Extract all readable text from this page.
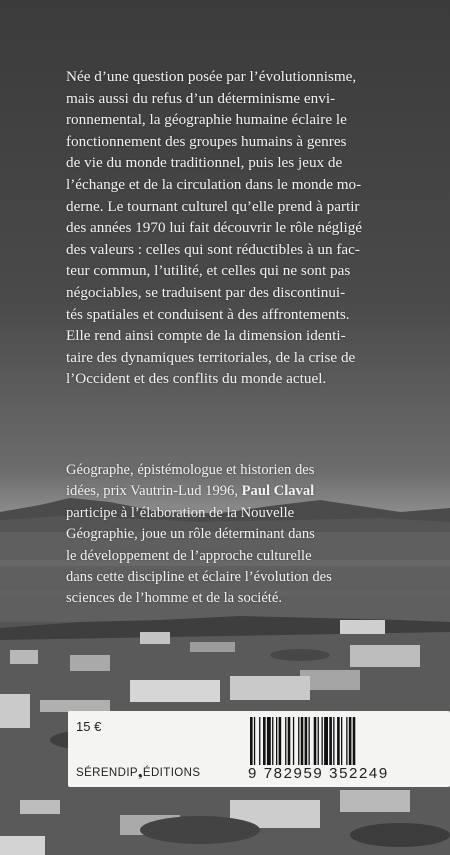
Née d’une question posée par l’évolutionnisme,
mais aussi du refus d’un déterminisme envi-
ronnemental, la géographie humaine éclaire le
fonctionnement des groupes humains à genres
de vie du monde traditionnel, puis les jeux de
l’échange et de la circulation dans le monde mo-
derne. Le tournant culturel qu’elle prend à partir
des années 1970 lui fait découvrir le rôle négligé
des valeurs : celles qui sont réductibles à un fac-
teur commun, l’utilité, et celles qui ne sont pas
négociables, se traduisent par des discontinui-
tés spatiales et conduisent à des affrontements.
Elle rend ainsi compte de la dimension identi-
taire des dynamiques territoriales, de la crise de
l’Occident et des conflits du monde actuel.

Géographe, épistémologue et historien des
idées, prix Vautrin-Lud 1996, Paul Claval
participe à l’élaboration de la Nouvelle
Géographie, joue un rôle déterminant dans
le développement de l’approche culturelle
dans cette discipline et éclaire l’évolution des
sciences de l’homme et de la société.

15 €
SÉRENDIP❟ÉDITIONS	9 782959 352249
